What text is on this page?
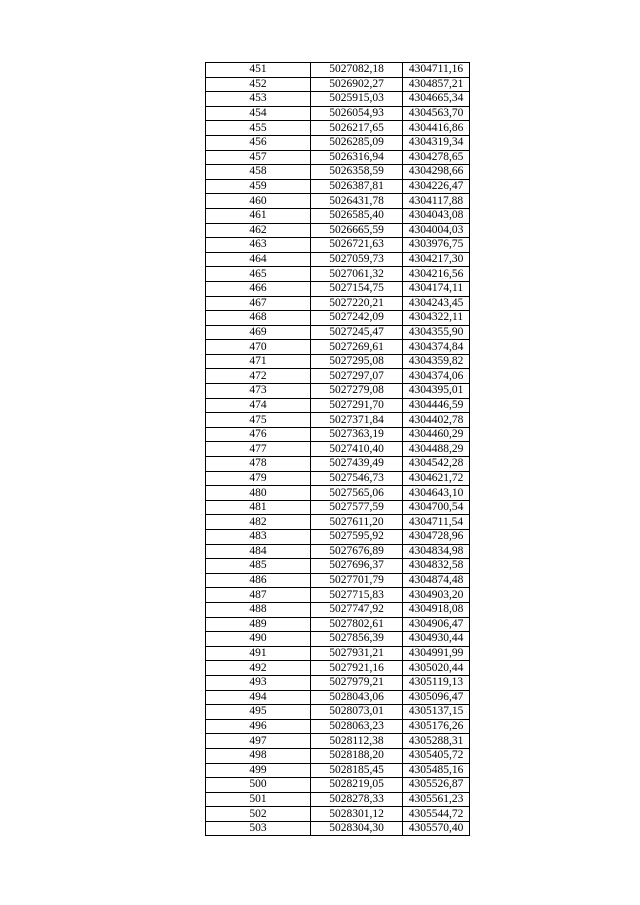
451	5027082,18	4304711,16
452	5026902,27	4304857,21
453	5025915,03	4304665,34
454	5026054,93	4304563,70
455	5026217,65	4304416,86
456	5026285,09	4304319,34
457	5026316,94	4304278,65
458	5026358,59	4304298,66
459	5026387,81	4304226,47
460	5026431,78	4304117,88
461	5026585,40	4304043,08
462	5026665,59	4304004,03
463	5026721,63	4303976,75
464	5027059,73	4304217,30
465	5027061,32	4304216,56
466	5027154,75	4304174,11
467	5027220,21	4304243,45
468	5027242,09	4304322,11
469	5027245,47	4304355,90
470	5027269,61	4304374,84
471	5027295,08	4304359,82
472	5027297,07	4304374,06
473	5027279,08	4304395,01
474	5027291,70	4304446,59
475	5027371,84	4304402,78
476	5027363,19	4304460,29
477	5027410,40	4304488,29
478	5027439,49	4304542,28
479	5027546,73	4304621,72
480	5027565,06	4304643,10
481	5027577,59	4304700,54
482	5027611,20	4304711,54
483	5027595,92	4304728,96
484	5027676,89	4304834,98
485	5027696,37	4304832,58
486	5027701,79	4304874,48
487	5027715,83	4304903,20
488	5027747,92	4304918,08
489	5027802,61	4304906,47
490	5027856,39	4304930,44
491	5027931,21	4304991,99
492	5027921,16	4305020,44
493	5027979,21	4305119,13
494	5028043,06	4305096,47
495	5028073,01	4305137,15
496	5028063,23	4305176,26
497	5028112,38	4305288,31
498	5028188,20	4305405,72
499	5028185,45	4305485,16
500	5028219,05	4305526,87
501	5028278,33	4305561,23
502	5028301,12	4305544,72
503	5028304,30	4305570,40
